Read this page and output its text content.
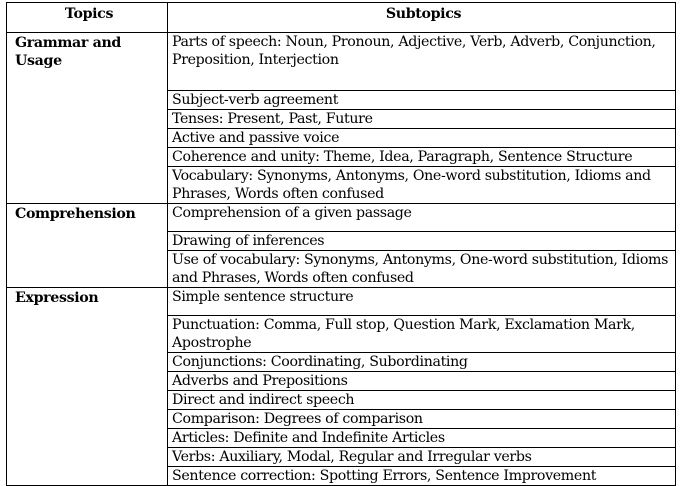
Topics	Subtopics
Grammar and Usage	Parts of speech: Noun, Pronoun, Adjective, Verb, Adverb, Conjunction, Preposition, Interjection
	Subject-verb agreement
	Tenses: Present, Past, Future
	Active and passive voice
	Coherence and unity: Theme, Idea, Paragraph, Sentence Structure
	Vocabulary: Synonyms, Antonyms, One-word substitution, Idioms and Phrases, Words often confused
Comprehension	Comprehension of a given passage
	Drawing of inferences
	Use of vocabulary: Synonyms, Antonyms, One-word substitution, Idioms and Phrases, Words often confused
Expression	Simple sentence structure
	Punctuation: Comma, Full stop, Question Mark, Exclamation Mark, Apostrophe
	Conjunctions: Coordinating, Subordinating
	Adverbs and Prepositions
	Direct and indirect speech
	Comparison: Degrees of comparison
	Articles: Definite and Indefinite Articles
	Verbs: Auxiliary, Modal, Regular and Irregular verbs
	Sentence correction: Spotting Errors, Sentence Improvement
